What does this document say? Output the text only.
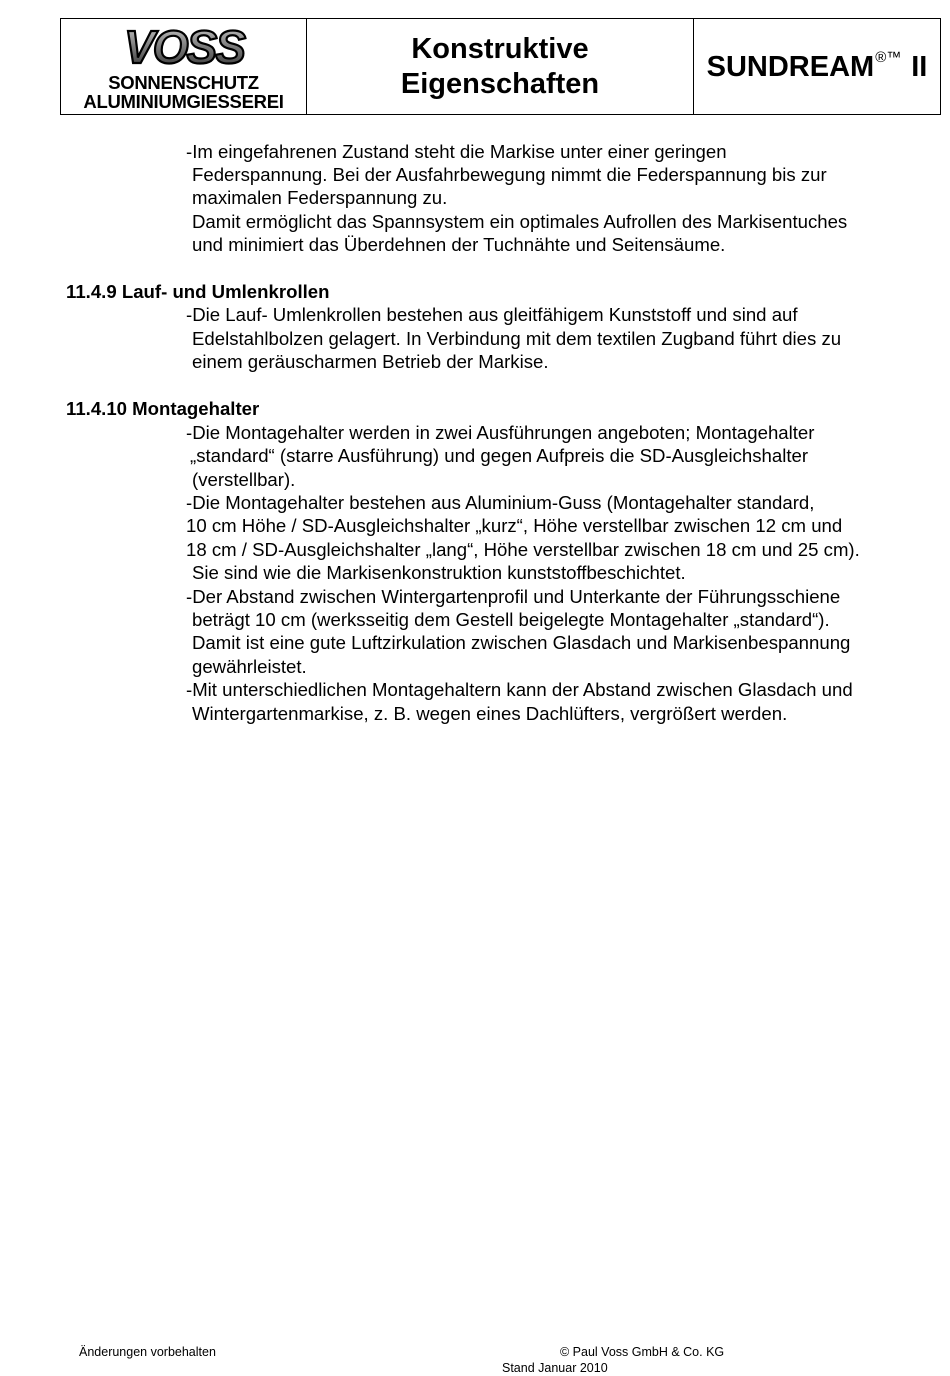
VOSS
SONNENSCHUTZ
ALUMINIUMGIESSEREI
Konstruktive
Eigenschaften
SUNDREAM®™ II
-Im eingefahrenen Zustand steht die Markise unter einer geringen
Federspannung. Bei der Ausfahrbewegung nimmt die Federspannung bis zur
maximalen Federspannung zu.
Damit ermöglicht das Spannsystem ein optimales Aufrollen des Markisentuches
und minimiert das Überdehnen der Tuchnähte und Seitensäume.
11.4.9 Lauf- und Umlenkrollen
-Die Lauf- Umlenkrollen bestehen aus gleitfähigem Kunststoff und sind auf
Edelstahlbolzen gelagert. In Verbindung mit dem textilen Zugband führt dies zu
einem geräuscharmen Betrieb der Markise.
11.4.10 Montagehalter
-Die Montagehalter werden in zwei Ausführungen angeboten; Montagehalter
„standard“ (starre Ausführung) und gegen Aufpreis die SD-Ausgleichshalter
(verstellbar).
-Die Montagehalter bestehen aus Aluminium-Guss (Montagehalter standard,
10 cm Höhe / SD-Ausgleichshalter „kurz“, Höhe verstellbar zwischen 12 cm und
18 cm / SD-Ausgleichshalter „lang“, Höhe verstellbar zwischen 18 cm und 25 cm).
Sie sind wie die Markisenkonstruktion kunststoffbeschichtet.
-Der Abstand zwischen Wintergartenprofil und Unterkante der Führungsschiene
beträgt 10 cm (werksseitig dem Gestell beigelegte Montagehalter „standard“).
Damit ist eine gute Luftzirkulation zwischen Glasdach und Markisenbespannung
gewährleistet.
-Mit unterschiedlichen Montagehaltern kann der Abstand zwischen Glasdach und
Wintergartenmarkise, z. B. wegen eines Dachlüfters, vergrößert werden.
Änderungen vorbehalten	© Paul Voss GmbH & Co. KG
Stand Januar 2010
